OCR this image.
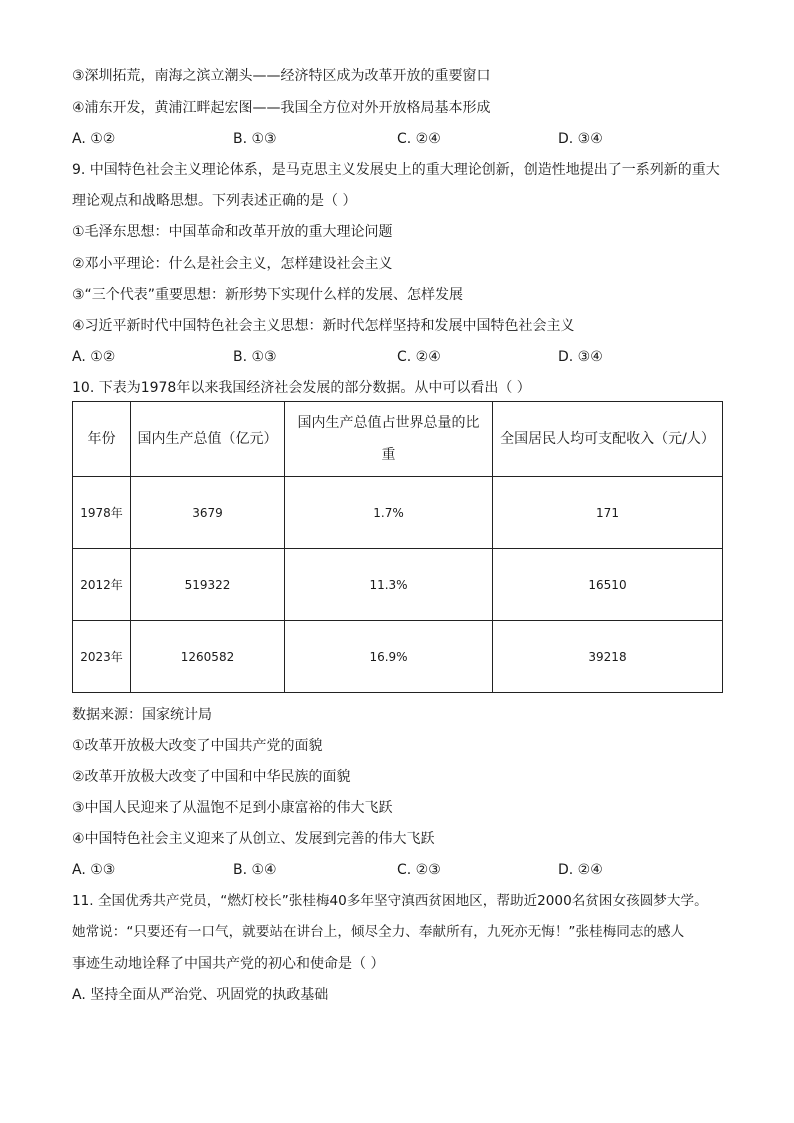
③深圳拓荒，南海之滨立潮头——经济特区成为改革开放的重要窗口
④浦东开发，黄浦江畔起宏图——我国全方位对外开放格局基本形成
A. ①②	B. ①③	C. ②④	D. ③④
9. 中国特色社会主义理论体系，是马克思主义发展史上的重大理论创新，创造性地提出了一系列新的重大
理论观点和战略思想。下列表述正确的是（ ）
①毛泽东思想：中国革命和改革开放的重大理论问题
②邓小平理论：什么是社会主义，怎样建设社会主义
③“三个代表”重要思想：新形势下实现什么样的发展、怎样发展
④习近平新时代中国特色社会主义思想：新时代怎样坚持和发展中国特色社会主义
A. ①②	B. ①③	C. ②④	D. ③④
10. 下表为1978年以来我国经济社会发展的部分数据。从中可以看出（ ）
年份	国内生产总值（亿元）	国内生产总值占世界总量的比重	全国居民人均可支配收入（元/人）
1978年	3679	1.7%	171
2012年	519322	11.3%	16510
2023年	1260582	16.9%	39218
数据来源：国家统计局
①改革开放极大改变了中国共产党的面貌
②改革开放极大改变了中国和中华民族的面貌
③中国人民迎来了从温饱不足到小康富裕的伟大飞跃
④中国特色社会主义迎来了从创立、发展到完善的伟大飞跃
A. ①③	B. ①④	C. ②③	D. ②④
11. 全国优秀共产党员，“燃灯校长”张桂梅40多年坚守滇西贫困地区，帮助近2000名贫困女孩圆梦大学。
她常说：“只要还有一口气，就要站在讲台上，倾尽全力、奉献所有，九死亦无悔！”张桂梅同志的感人
事迹生动地诠释了中国共产党的初心和使命是（ ）
A. 坚持全面从严治党、巩固党的执政基础
